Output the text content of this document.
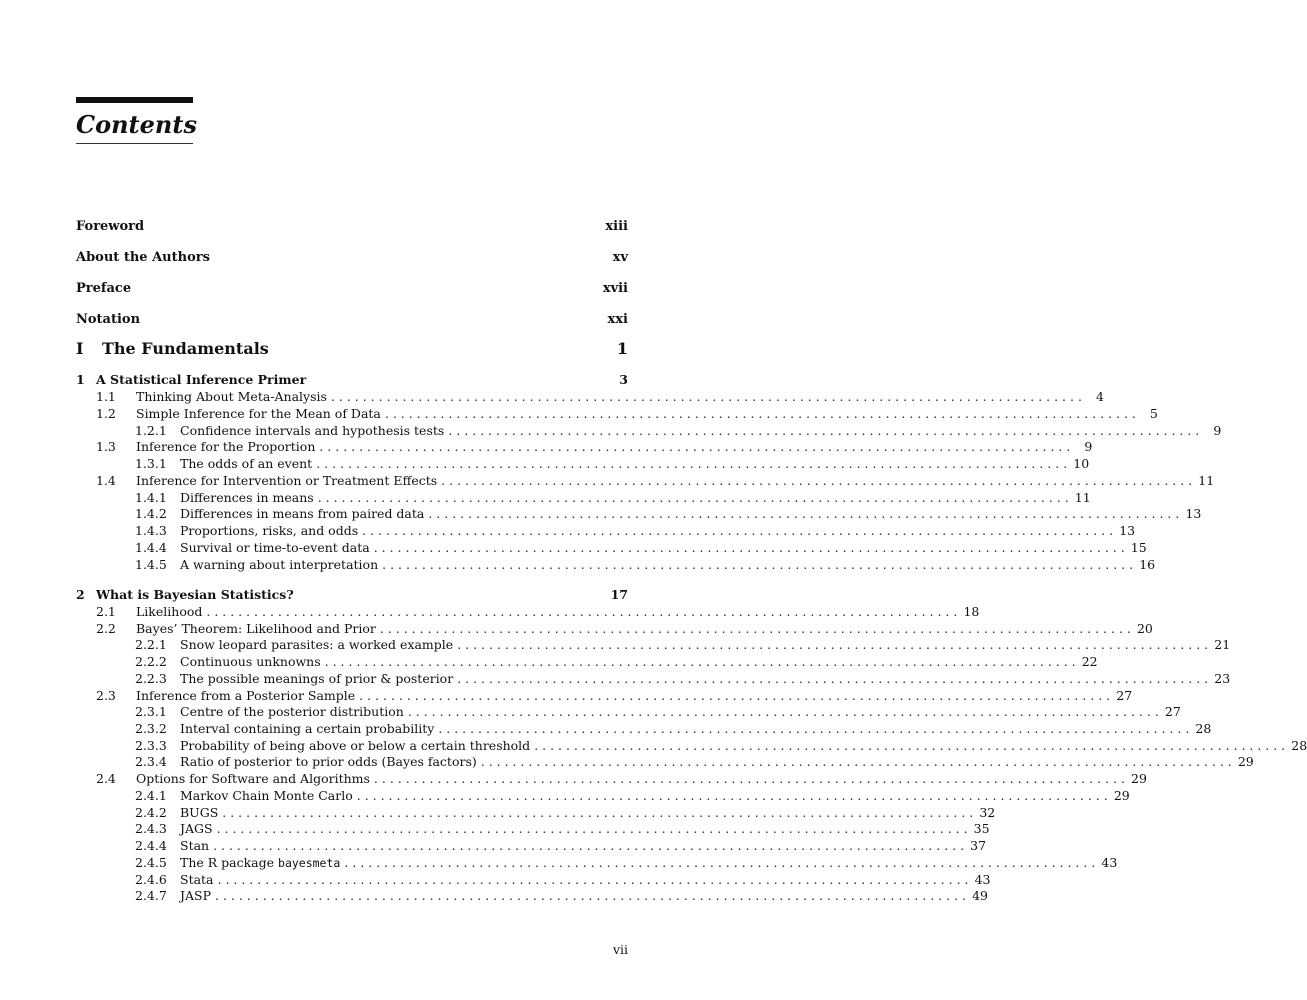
Contents
Foreword	xiii
About the Authors	xv
Preface	xvii
Notation	xxi
I	The Fundamentals	1
1 A Statistical Inference Primer	3
1.1	Thinking About Meta-Analysis . . .	4
1.2	Simple Inference for the Mean of Data . . .	5
1.2.1	Confidence intervals and hypothesis tests . . .	9
1.3	Inference for the Proportion . . .	9
1.3.1	The odds of an event . . .	10
1.4	Inference for Intervention or Treatment Effects . . .	11
1.4.1	Differences in means . . .	11
1.4.2	Differences in means from paired data . . .	13
1.4.3	Proportions, risks, and odds . . .	13
1.4.4	Survival or time-to-event data . . .	15
1.4.5	A warning about interpretation . . .	16
2 What is Bayesian Statistics?	17
2.1	Likelihood . . .	18
2.2	Bayes’ Theorem: Likelihood and Prior . . .	20
2.2.1	Snow leopard parasites: a worked example . . .	21
2.2.2	Continuous unknowns . . .	22
2.2.3	The possible meanings of prior & posterior . . .	23
2.3	Inference from a Posterior Sample . . .	27
2.3.1	Centre of the posterior distribution . . .	27
2.3.2	Interval containing a certain probability . . .	28
2.3.3	Probability of being above or below a certain threshold . . .	28
2.3.4	Ratio of posterior to prior odds (Bayes factors) . . .	29
2.4	Options for Software and Algorithms . . .	29
2.4.1	Markov Chain Monte Carlo . . .	29
2.4.2	BUGS . . .	32
2.4.3	JAGS . . .	35
2.4.4	Stan . . .	37
2.4.5	The R package bayesmeta . . .	43
2.4.6	Stata . . .	43
2.4.7	JASP . . .	49
vii
